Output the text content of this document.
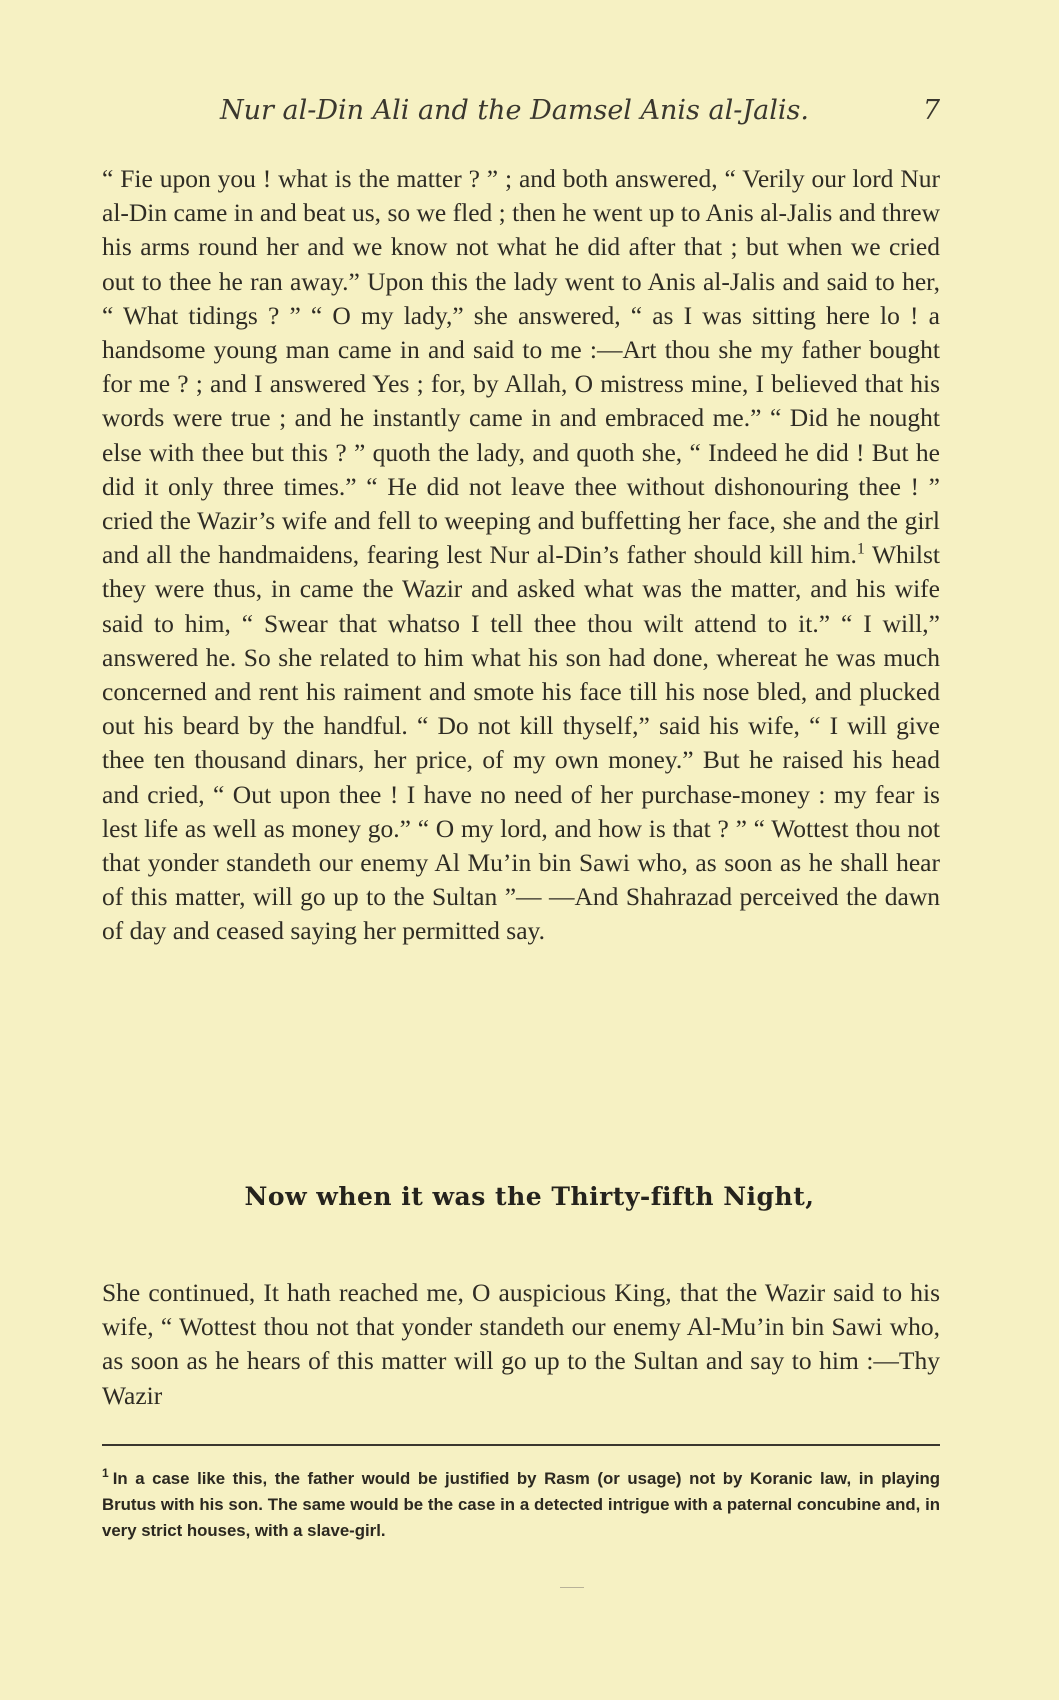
Nur al-Din Ali and the Damsel Anis al-Jalis.	7

“ Fie upon you ! what is the matter ? ” ; and both answered, “ Verily our lord Nur al-Din came in and beat us, so we fled ; then he went up to Anis al-Jalis and threw his arms round her and we know not what he did after that ; but when we cried out to thee he ran away.” Upon this the lady went to Anis al-Jalis and said to her, “ What tidings ? ” “ O my lady,” she answered, “ as I was sitting here lo ! a handsome young man came in and said to me :—Art thou she my father bought for me ? ; and I answered Yes ; for, by Allah, O mistress mine, I believed that his words were true ; and he instantly came in and embraced me.” “ Did he nought else with thee but this ? ” quoth the lady, and quoth she, “ Indeed he did ! But he did it only three times.” “ He did not leave thee without dishonouring thee ! ” cried the Wazir’s wife and fell to weeping and buffetting her face, she and the girl and all the handmaidens, fearing lest Nur al-Din’s father should kill him.$^1$ Whilst they were thus, in came the Wazir and asked what was the matter, and his wife said to him, “ Swear that whatso I tell thee thou wilt attend to it.” “ I will,” answered he. So she related to him what his son had done, whereat he was much concerned and rent his raiment and smote his face till his nose bled, and plucked out his beard by the handful. “ Do not kill thyself,” said his wife, “ I will give thee ten thousand dinars, her price, of my own money.” But he raised his head and cried, “ Out upon thee ! I have no need of her purchase-money : my fear is lest life as well as money go.” “ O my lord, and how is that ? ” “ Wottest thou not that yonder standeth our enemy Al Mu’in bin Sawi who, as soon as he shall hear of this matter, will go up to the Sultan ”— —And Shahrazad perceived the dawn of day and ceased saying her permitted say.

Now when it was the Thirty-fifth Night,

She continued, It hath reached me, O auspicious King, that the Wazir said to his wife, “ Wottest thou not that yonder standeth our enemy Al-Mu’in bin Sawi who, as soon as he hears of this matter will go up to the Sultan and say to him :—Thy Wazir

$^1$ In a case like this, the father would be justified by Rasm (or usage) not by Koranic law, in playing Brutus with his son. The same would be the case in a detected intrigue with a paternal concubine and, in very strict houses, with a slave-girl.
